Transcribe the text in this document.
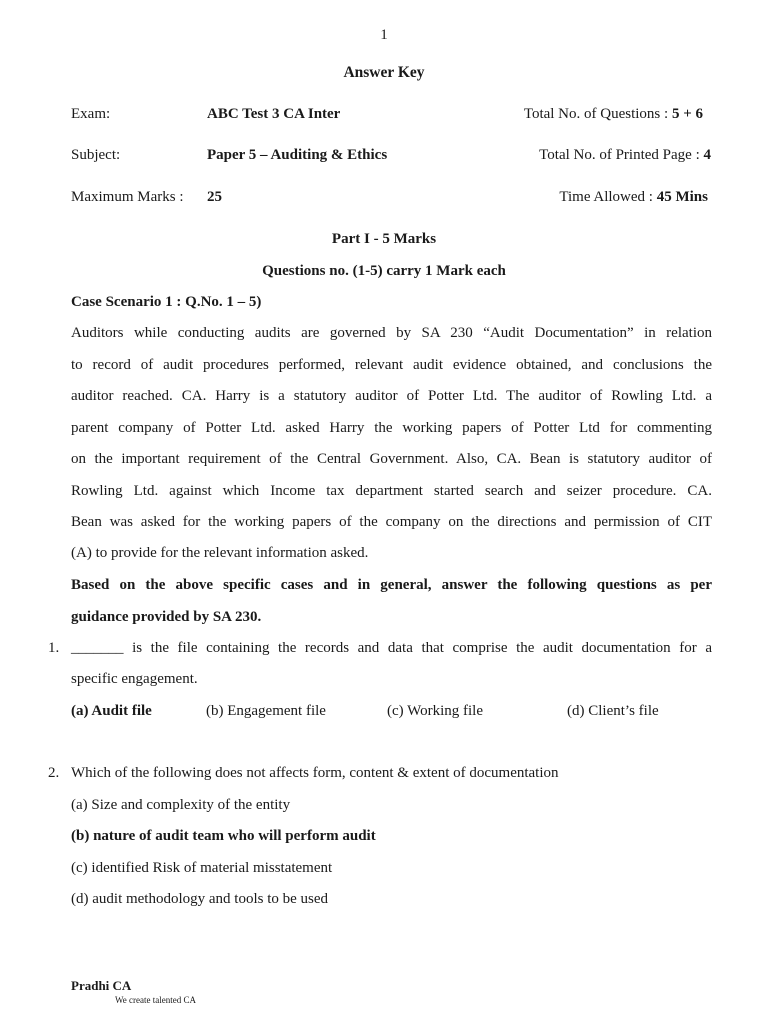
1
Answer Key
Exam:	ABC Test 3 CA Inter	Total No. of Questions : 5 + 6
Subject:	Paper 5 – Auditing & Ethics	Total No. of Printed Page : 4
Maximum Marks : 25	Time Allowed : 45 Mins
Part I - 5 Marks
Questions no. (1-5) carry 1 Mark each
Case Scenario 1 : Q.No. 1 – 5)
Auditors while conducting audits are governed by SA 230 “Audit Documentation” in relation
to record of audit procedures performed, relevant audit evidence obtained, and conclusions the
auditor reached. CA. Harry is a statutory auditor of Potter Ltd. The auditor of Rowling Ltd. a
parent company of Potter Ltd. asked Harry the working papers of Potter Ltd for commenting
on the important requirement of the Central Government. Also, CA. Bean is statutory auditor of
Rowling Ltd. against which Income tax department started search and seizer procedure. CA.
Bean was asked for the working papers of the company on the directions and permission of CIT
(A) to provide for the relevant information asked.
Based on the above specific cases and in general, answer the following questions as per
guidance provided by SA 230.
1. _______ is the file containing the records and data that comprise the audit documentation for a
specific engagement.
(a) Audit file	(b) Engagement file	(c) Working file	(d) Client’s file
2. Which of the following does not affects form, content & extent of documentation
(a) Size and complexity of the entity
(b) nature of audit team who will perform audit
(c) identified Risk of material misstatement
(d) audit methodology and tools to be used
Pradhi CA
We create talented CA
